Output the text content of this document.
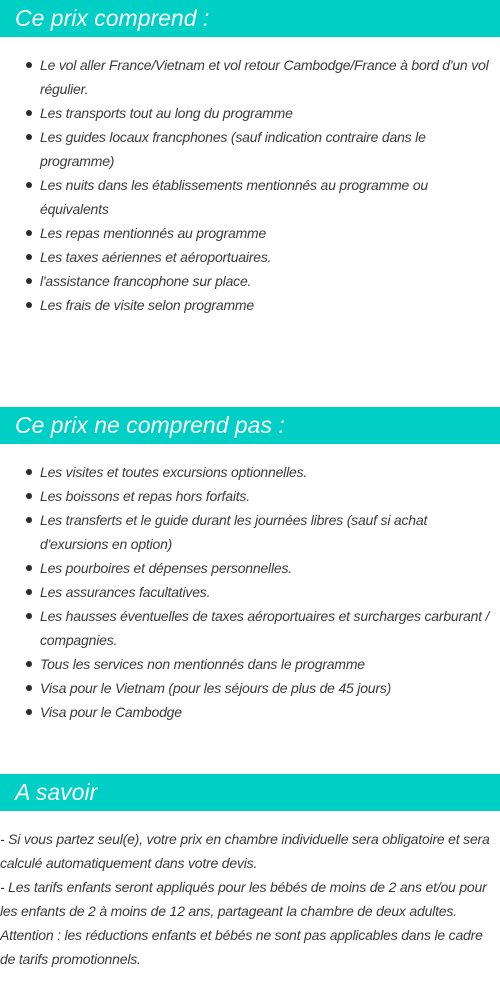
Ce prix comprend :
Le vol aller France/Vietnam et vol retour Cambodge/France à bord d'un vol régulier.
Les transports tout au long du programme
Les guides locaux francphones (sauf indication contraire dans le programme)
Les nuits dans les établissements mentionnés au programme ou équivalents
Les repas mentionnés au programme
Les taxes aériennes et aéroportuaires.
l'assistance francophone sur place.
Les frais de visite selon programme
Ce prix ne comprend pas :
Les visites et toutes excursions optionnelles.
Les boissons et repas hors forfaits.
Les transferts et le guide durant les journées libres (sauf si achat d'exursions en option)
Les pourboires et dépenses personnelles.
Les assurances facultatives.
Les hausses éventuelles de taxes aéroportuaires et surcharges carburant / compagnies.
Tous les services non mentionnés dans le programme
Visa pour le Vietnam (pour les séjours de plus de 45 jours)
Visa pour le Cambodge
A savoir

- Si vous partez seul(e), votre prix en chambre individuelle sera obligatoire et sera calculé automatiquement dans votre devis.

- Les tarifs enfants seront appliqués pour les bébés de moins de 2 ans et/ou pour les enfants de 2 à moins de 12 ans, partageant la chambre de deux adultes.

Attention : les réductions enfants et bébés ne sont pas applicables dans le cadre de tarifs promotionnels.
